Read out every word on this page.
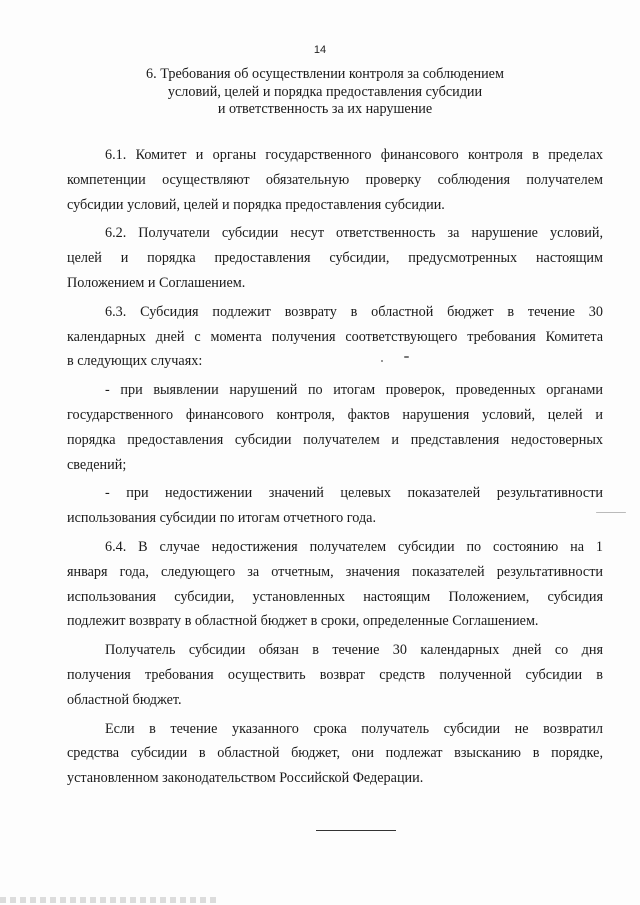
14
6. Требования об осуществлении контроля за соблюдением
условий, целей и порядка предоставления субсидии
и ответственность за их нарушение

6.1. Комитет и органы государственного финансового контроля в пределах
компетенции осуществляют обязательную проверку соблюдения получателем
субсидии условий, целей и порядка предоставления субсидии.

6.2. Получатели субсидии несут ответственность за нарушение условий,
целей и порядка предоставления субсидии, предусмотренных настоящим
Положением и Соглашением.

6.3. Субсидия подлежит возврату в областной бюджет в течение 30
календарных дней с момента получения соответствующего требования Комитета
в следующих случаях:

- при выявлении нарушений по итогам проверок, проведенных органами
государственного финансового контроля, фактов нарушения условий, целей и
порядка предоставления субсидии получателем и представления недостоверных
сведений;

- при недостижении значений целевых показателей результативности
использования субсидии по итогам отчетного года.

6.4. В случае недостижения получателем субсидии по состоянию на 1
января года, следующего за отчетным, значения показателей результативности
использования субсидии, установленных настоящим Положением, субсидия
подлежит возврату в областной бюджет в сроки, определенные Соглашением.

Получатель субсидии обязан в течение 30 календарных дней со дня
получения требования осуществить возврат средств полученной субсидии в
областной бюджет.

Если в течение указанного срока получатель субсидии не возвратил
средства субсидии в областной бюджет, они подлежат взысканию в порядке,
установленном законодательством Российской Федерации.
